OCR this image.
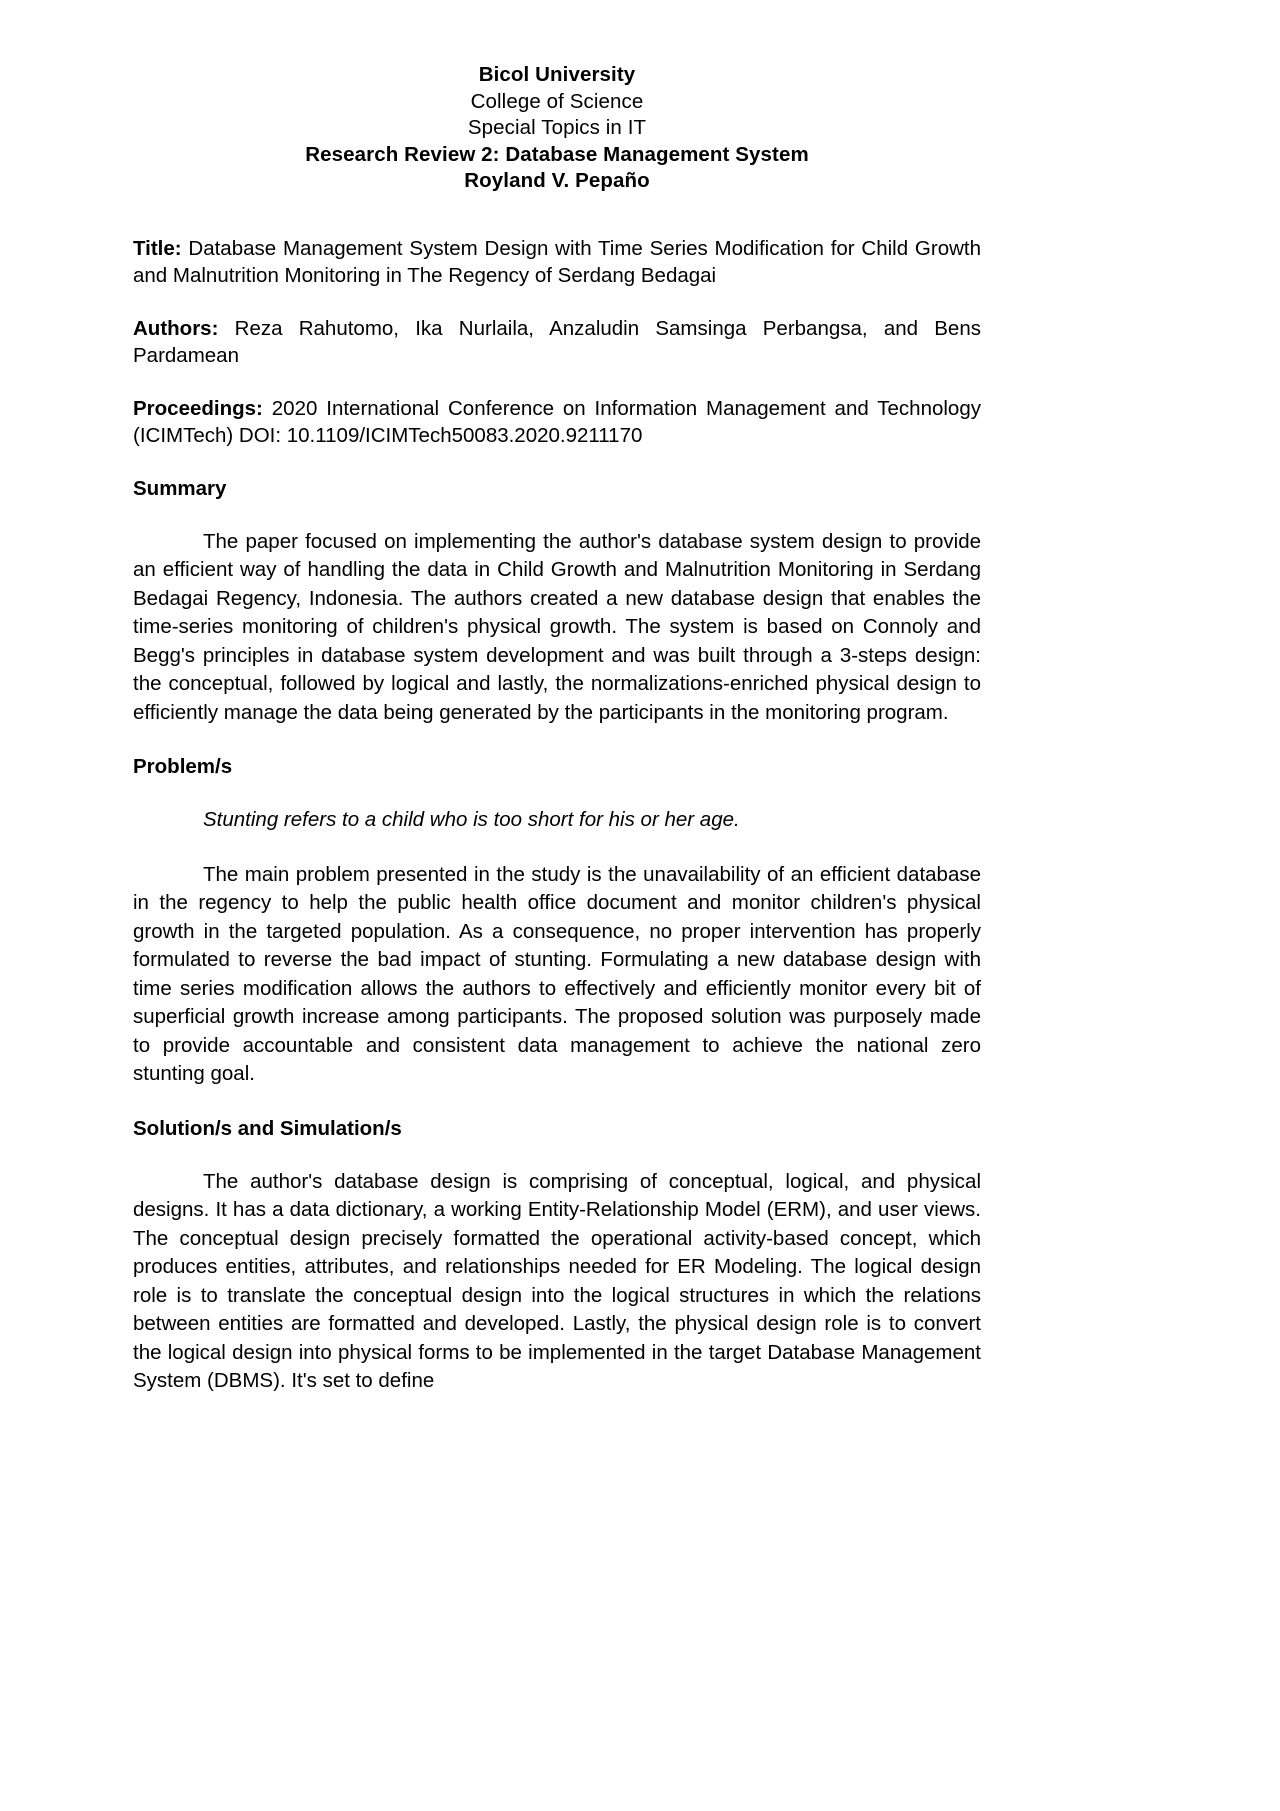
Bicol University
College of Science
Special Topics in IT
Research Review 2: Database Management System
Royland V. Pepaño
Title: Database Management System Design with Time Series Modification for Child Growth and Malnutrition Monitoring in The Regency of Serdang Bedagai
Authors: Reza Rahutomo, Ika Nurlaila, Anzaludin Samsinga Perbangsa, and Bens Pardamean
Proceedings: 2020 International Conference on Information Management and Technology (ICIMTech) DOI: 10.1109/ICIMTech50083.2020.9211170
Summary
The paper focused on implementing the author's database system design to provide an efficient way of handling the data in Child Growth and Malnutrition Monitoring in Serdang Bedagai Regency, Indonesia. The authors created a new database design that enables the time-series monitoring of children's physical growth. The system is based on Connoly and Begg's principles in database system development and was built through a 3-steps design: the conceptual, followed by logical and lastly, the normalizations-enriched physical design to efficiently manage the data being generated by the participants in the monitoring program.
Problem/s
Stunting refers to a child who is too short for his or her age.
The main problem presented in the study is the unavailability of an efficient database in the regency to help the public health office document and monitor children's physical growth in the targeted population. As a consequence, no proper intervention has properly formulated to reverse the bad impact of stunting. Formulating a new database design with time series modification allows the authors to effectively and efficiently monitor every bit of superficial growth increase among participants. The proposed solution was purposely made to provide accountable and consistent data management to achieve the national zero stunting goal.
Solution/s and Simulation/s
The author's database design is comprising of conceptual, logical, and physical designs. It has a data dictionary, a working Entity-Relationship Model (ERM), and user views. The conceptual design precisely formatted the operational activity-based concept, which produces entities, attributes, and relationships needed for ER Modeling. The logical design role is to translate the conceptual design into the logical structures in which the relations between entities are formatted and developed. Lastly, the physical design role is to convert the logical design into physical forms to be implemented in the target Database Management System (DBMS). It's set to define
